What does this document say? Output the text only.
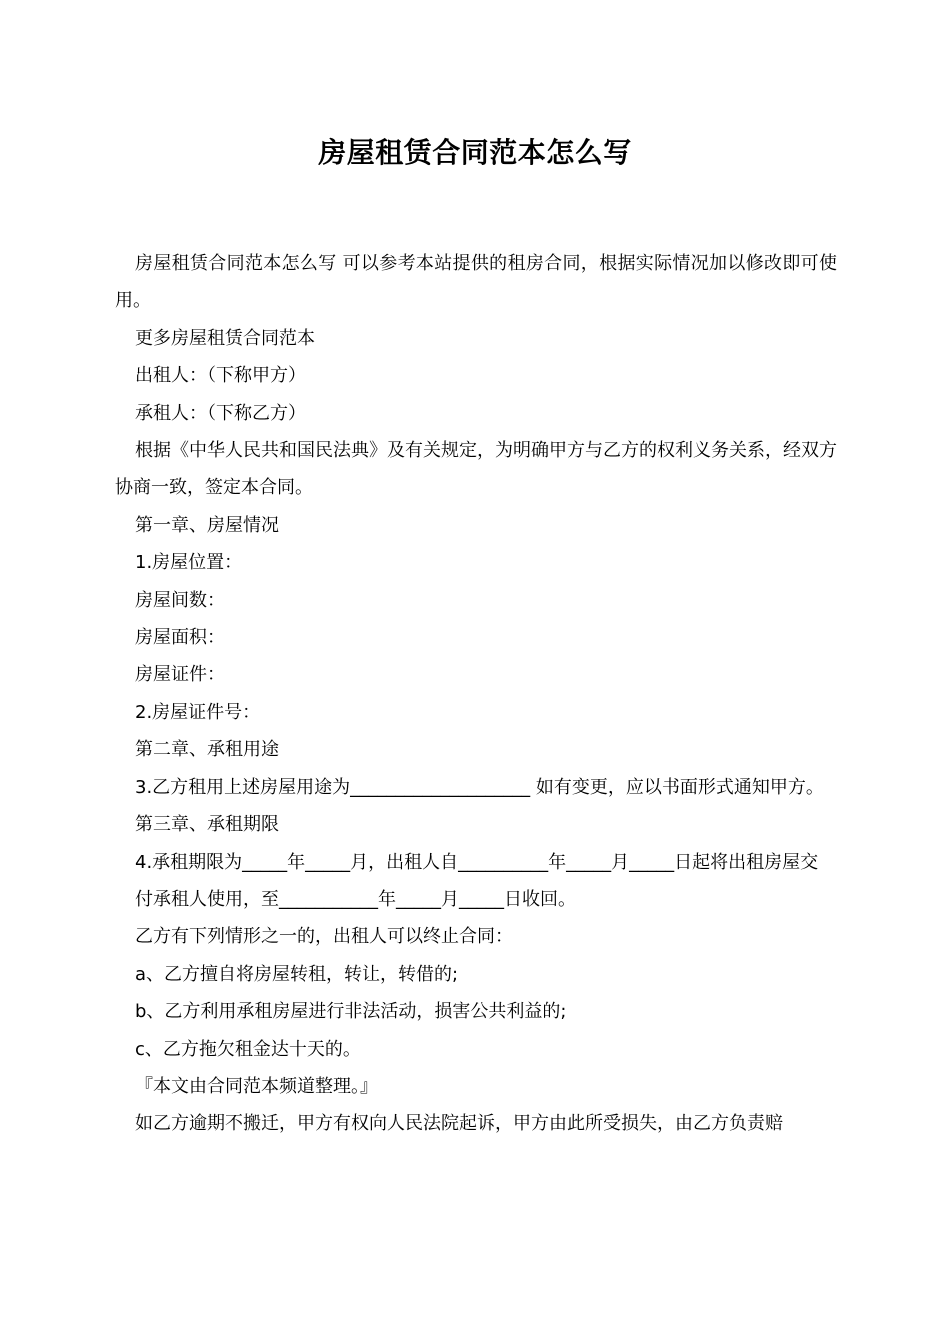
房屋租赁合同范本怎么写

房屋租赁合同范本怎么写 可以参考本站提供的租房合同，根据实际情况加以修改即可使用。

更多房屋租赁合同范本

出租人：（下称甲方）

承租人：（下称乙方）

根据《中华人民共和国民法典》及有关规定，为明确甲方与乙方的权利义务关系，经双方协商一致，签定本合同。

第一章、房屋情况

1.房屋位置：

房屋间数：

房屋面积：

房屋证件：

2.房屋证件号：

第二章、承租用途

3.乙方租用上述房屋用途为____________________ 如有变更，应以书面形式通知甲方。

第三章、承租期限

4.承租期限为_____年_____月，出租人自__________年_____月_____日起将出租房屋交

付承租人使用，至___________年_____月_____日收回。

乙方有下列情形之一的，出租人可以终止合同：

a、乙方擅自将房屋转租，转让，转借的;

b、乙方利用承租房屋进行非法活动，损害公共利益的;

c、乙方拖欠租金达十天的。

『本文由合同范本频道整理。』

如乙方逾期不搬迁，甲方有权向人民法院起诉，甲方由此所受损失，由乙方负责赔
